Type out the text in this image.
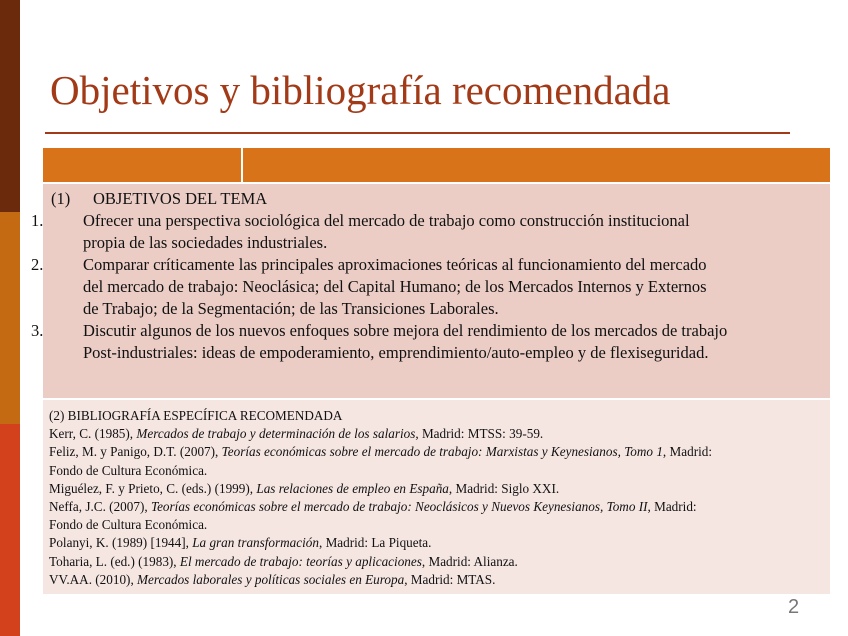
Objetivos y bibliografía recomendada
(1) OBJETIVOS DEL TEMA
1.	Ofrecer una perspectiva sociológica del mercado de trabajo como construcción institucional
propia de las sociedades industriales.
2.	Comparar críticamente las principales aproximaciones teóricas al funcionamiento del mercado
del mercado de trabajo: Neoclásica; del Capital Humano; de los Mercados Internos y Externos
de Trabajo; de la Segmentación; de las Transiciones Laborales.
3.	Discutir algunos de los nuevos enfoques sobre mejora del rendimiento de los mercados de trabajo
Post-industriales: ideas de empoderamiento, emprendimiento/auto-empleo y de flexiseguridad.
(2) BIBLIOGRAFÍA ESPECÍFICA RECOMENDADA
Kerr, C. (1985), Mercados de trabajo y determinación de los salarios, Madrid: MTSS: 39-59.
Feliz, M. y Panigo, D.T. (2007), Teorías económicas sobre el mercado de trabajo: Marxistas y Keynesianos, Tomo 1, Madrid:
Fondo de Cultura Económica.
Miguélez, F. y Prieto, C. (eds.) (1999), Las relaciones de empleo en España, Madrid: Siglo XXI.
Neffa, J.C. (2007), Teorías económicas sobre el mercado de trabajo: Neoclásicos y Nuevos Keynesianos, Tomo II, Madrid:
Fondo de Cultura Económica.
Polanyi, K. (1989) [1944], La gran transformación, Madrid: La Piqueta.
Toharia, L. (ed.) (1983), El mercado de trabajo: teorías y aplicaciones, Madrid: Alianza.
VV.AA. (2010), Mercados laborales y políticas sociales en Europa, Madrid: MTAS.
2
